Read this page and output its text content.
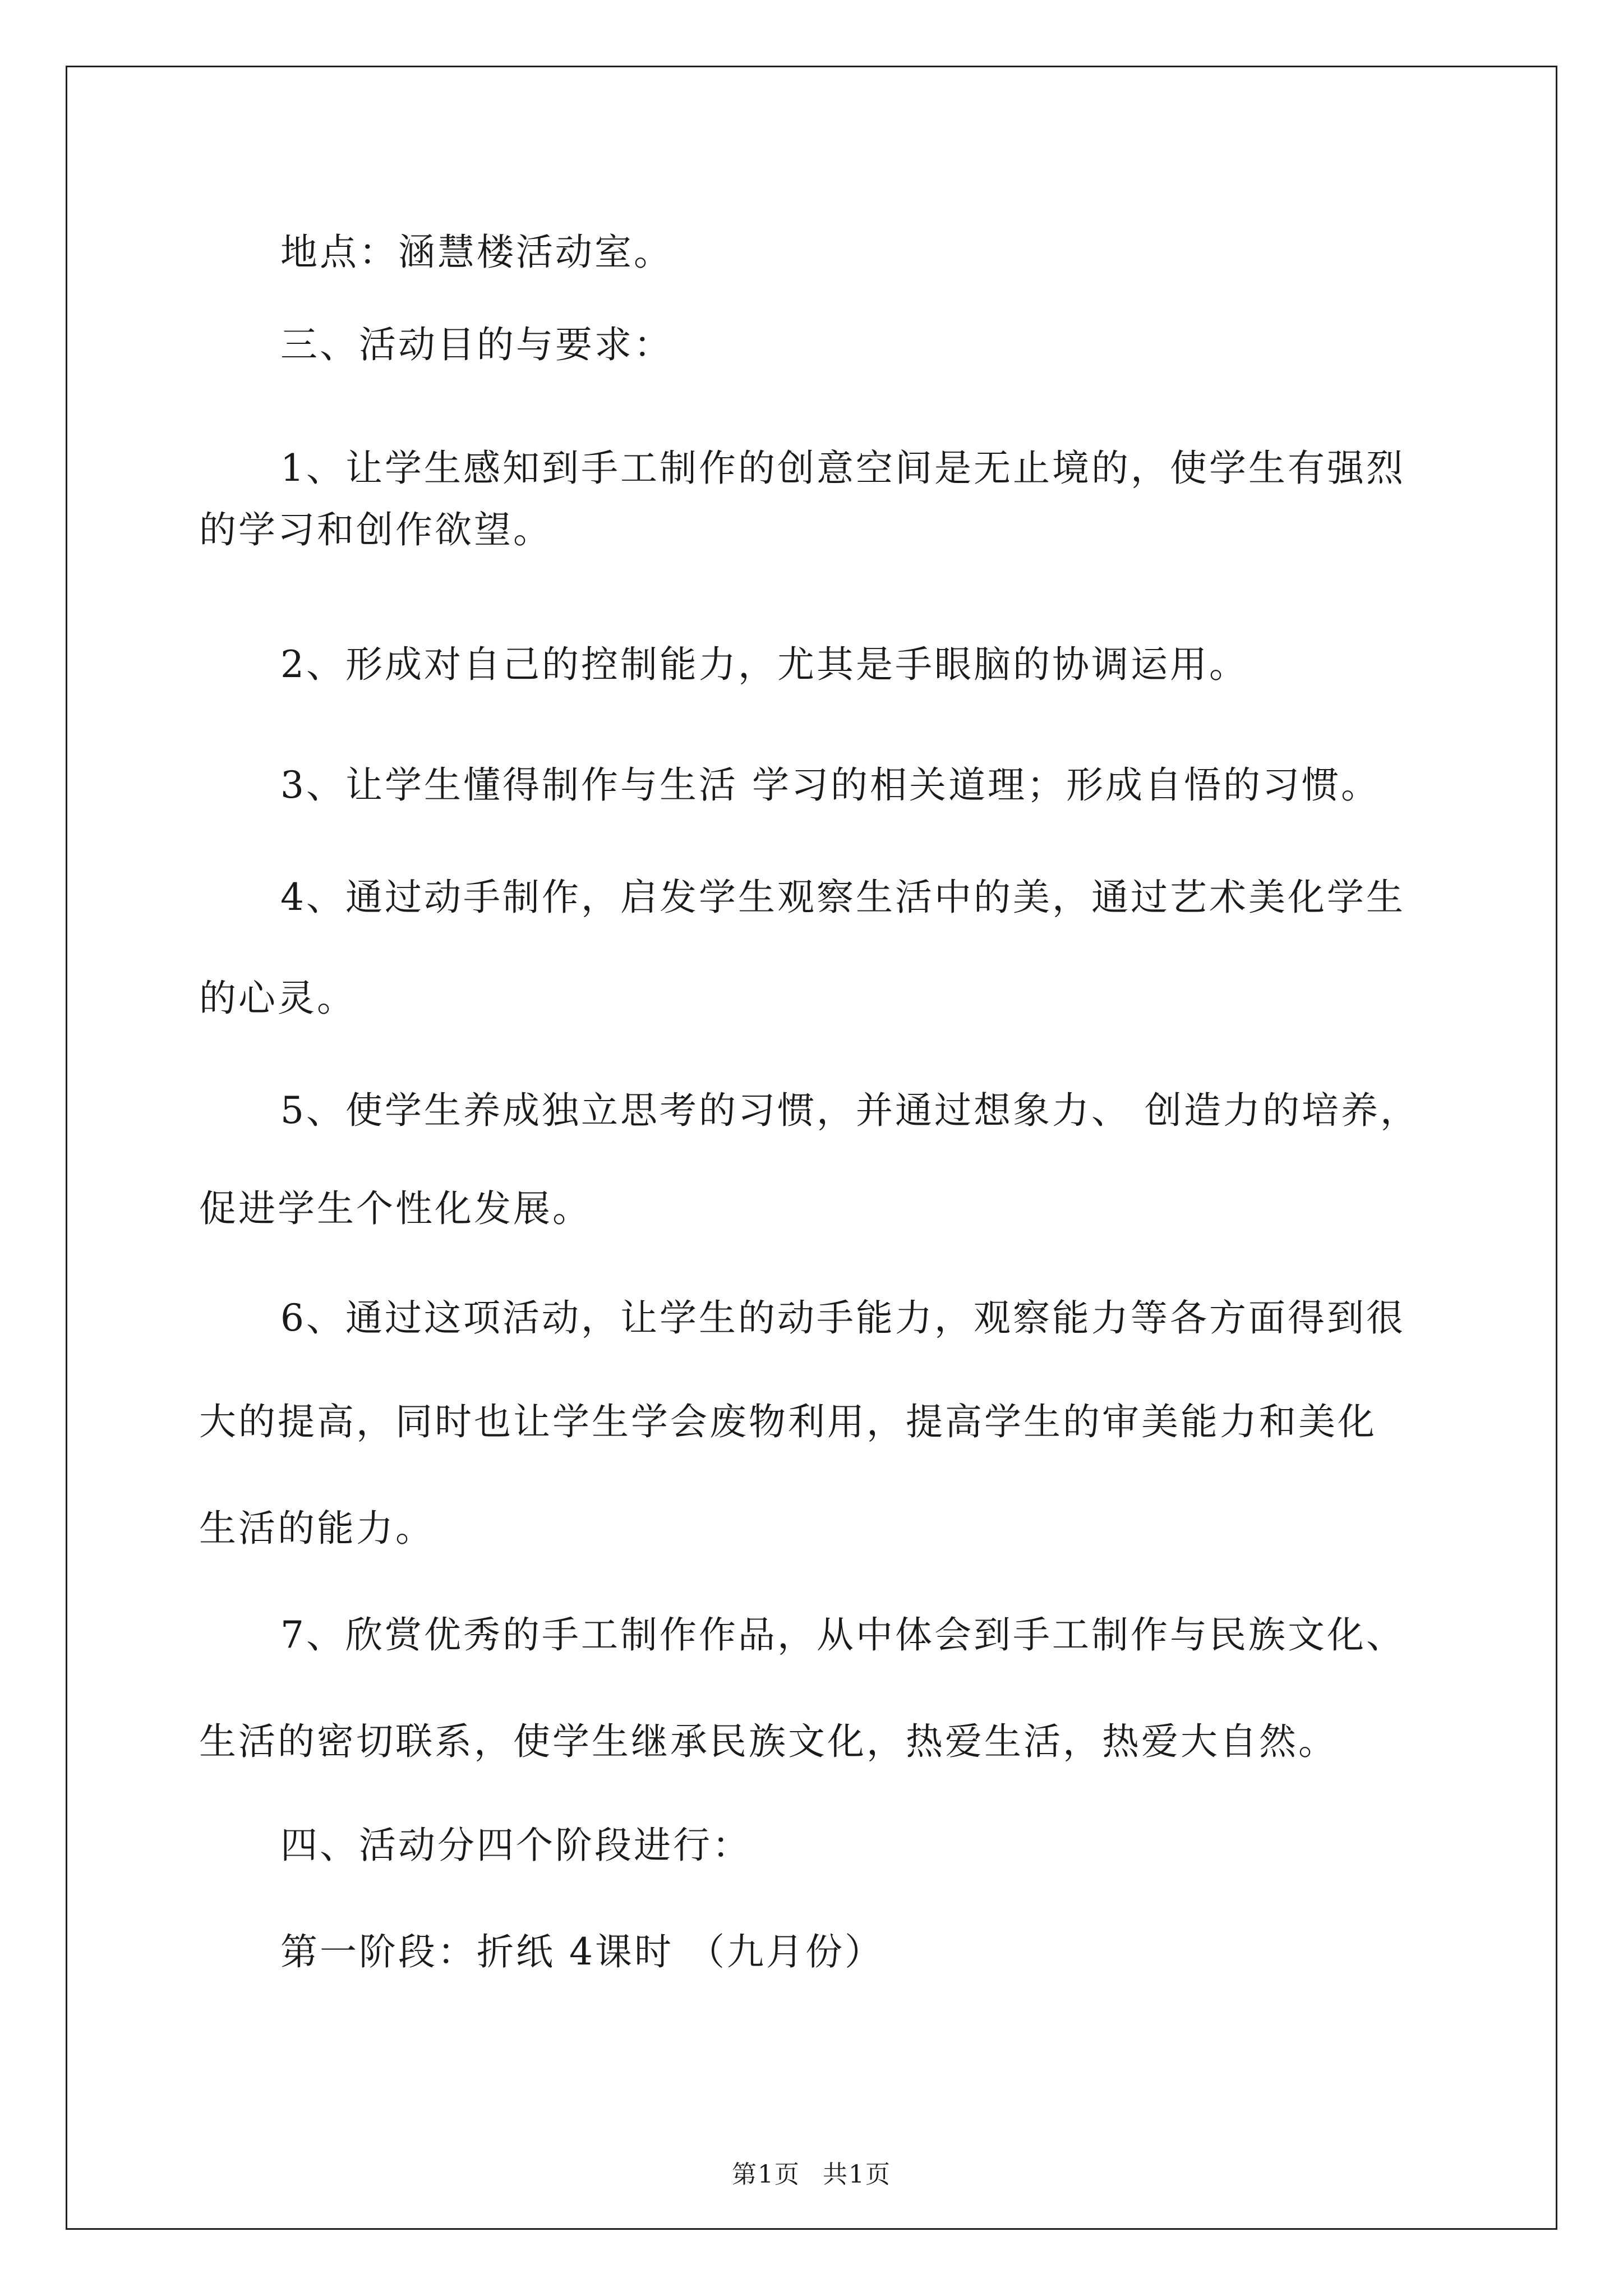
地点：涵慧楼活动室。
三、活动目的与要求：
1、让学生感知到手工制作的创意空间是无止境的，使学生有强烈
的学习和创作欲望。
2、形成对自己的控制能力，尤其是手眼脑的协调运用。
3、让学生懂得制作与生活 学习的相关道理；形成自悟的习惯。
4、通过动手制作，启发学生观察生活中的美，通过艺术美化学生
的心灵。
5、使学生养成独立思考的习惯，并通过想象力、 创造力的培养，
促进学生个性化发展。
6、通过这项活动，让学生的动手能力，观察能力等各方面得到很
大的提高，同时也让学生学会废物利用，提高学生的审美能力和美化
生活的能力。
7、欣赏优秀的手工制作作品，从中体会到手工制作与民族文化、
生活的密切联系，使学生继承民族文化，热爱生活，热爱大自然。
四、活动分四个阶段进行：
第一阶段：折纸 4课时 （九月份）
第1页 共1页
